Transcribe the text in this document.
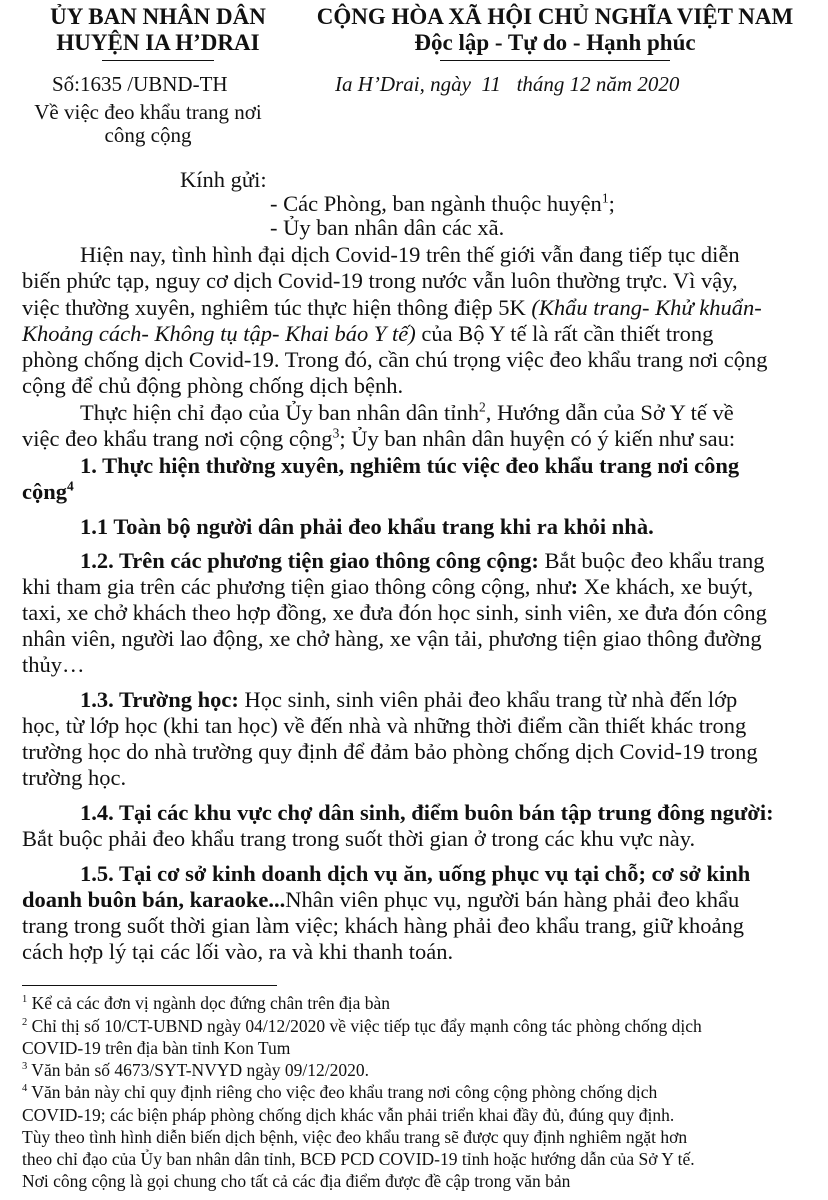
ỦY BAN NHÂN DÂN
HUYỆN IA H’DRAI
CỘNG HÒA XÃ HỘI CHỦ NGHĨA VIỆT NAM
Độc lập - Tự do - Hạnh phúc
Số:1635 /UBND-TH	Ia H’Drai, ngày  11   tháng 12 năm 2020
Về việc đeo khẩu trang nơi
công cộng
Kính gửi:
- Các Phòng, ban ngành thuộc huyện$^1$;
- Ủy ban nhân dân các xã.
Hiện nay, tình hình đại dịch Covid-19 trên thế giới vẫn đang tiếp tục diễn
biến phức tạp, nguy cơ dịch Covid-19 trong nước vẫn luôn thường trực. Vì vậy,
việc thường xuyên, nghiêm túc thực hiện thông điệp 5K (Khẩu trang- Khử khuẩn-
Khoảng cách- Không tụ tập- Khai báo Y tế) của Bộ Y tế là rất cần thiết trong
phòng chống dịch Covid-19. Trong đó, cần chú trọng việc đeo khẩu trang nơi cộng
cộng để chủ động phòng chống dịch bệnh.
Thực hiện chỉ đạo của Ủy ban nhân dân tỉnh$^2$, Hướng dẫn của Sở Y tế về
việc đeo khẩu trang nơi cộng cộng$^3$; Ủy ban nhân dân huyện có ý kiến như sau:
1. Thực hiện thường xuyên, nghiêm túc việc đeo khẩu trang nơi công
cộng$^4$
1.1 Toàn bộ người dân phải đeo khẩu trang khi ra khỏi nhà.
1.2. Trên các phương tiện giao thông công cộng: Bắt buộc đeo khẩu trang
khi tham gia trên các phương tiện giao thông công cộng, như: Xe khách, xe buýt,
taxi, xe chở khách theo hợp đồng, xe đưa đón học sinh, sinh viên, xe đưa đón công
nhân viên, người lao động, xe chở hàng, xe vận tải, phương tiện giao thông đường
thủy…
1.3. Trường học: Học sinh, sinh viên phải đeo khẩu trang từ nhà đến lớp
học, từ lớp học (khi tan học) về đến nhà và những thời điểm cần thiết khác trong
trường học do nhà trường quy định để đảm bảo phòng chống dịch Covid-19 trong
trường học.
1.4. Tại các khu vực chợ dân sinh, điểm buôn bán tập trung đông người:
Bắt buộc phải đeo khẩu trang trong suốt thời gian ở trong các khu vực này.
1.5. Tại cơ sở kinh doanh dịch vụ ăn, uống phục vụ tại chỗ; cơ sở kinh
doanh buôn bán, karaoke...Nhân viên phục vụ, người bán hàng phải đeo khẩu
trang trong suốt thời gian làm việc; khách hàng phải đeo khẩu trang, giữ khoảng
cách hợp lý tại các lối vào, ra và khi thanh toán.
$^1$ Kể cả các đơn vị ngành dọc đứng chân trên địa bàn
$^2$ Chỉ thị số 10/CT-UBND ngày 04/12/2020 về việc tiếp tục đẩy mạnh công tác phòng chống dịch
COVID-19 trên địa bàn tỉnh Kon Tum
$^3$ Văn bản số 4673/SYT-NVYD ngày 09/12/2020.
$^4$ Văn bản này chỉ quy định riêng cho việc đeo khẩu trang nơi công cộng phòng chống dịch
COVID-19; các biện pháp phòng chống dịch khác vẫn phải triển khai đầy đủ, đúng quy định.
Tùy theo tình hình diễn biến dịch bệnh, việc đeo khẩu trang sẽ được quy định nghiêm ngặt hơn
theo chỉ đạo của Ủy ban nhân dân tỉnh, BCĐ PCD COVID-19 tỉnh hoặc hướng dẫn của Sở Y tế.
Nơi công cộng là gọi chung cho tất cả các địa điểm được đề cập trong văn bản
